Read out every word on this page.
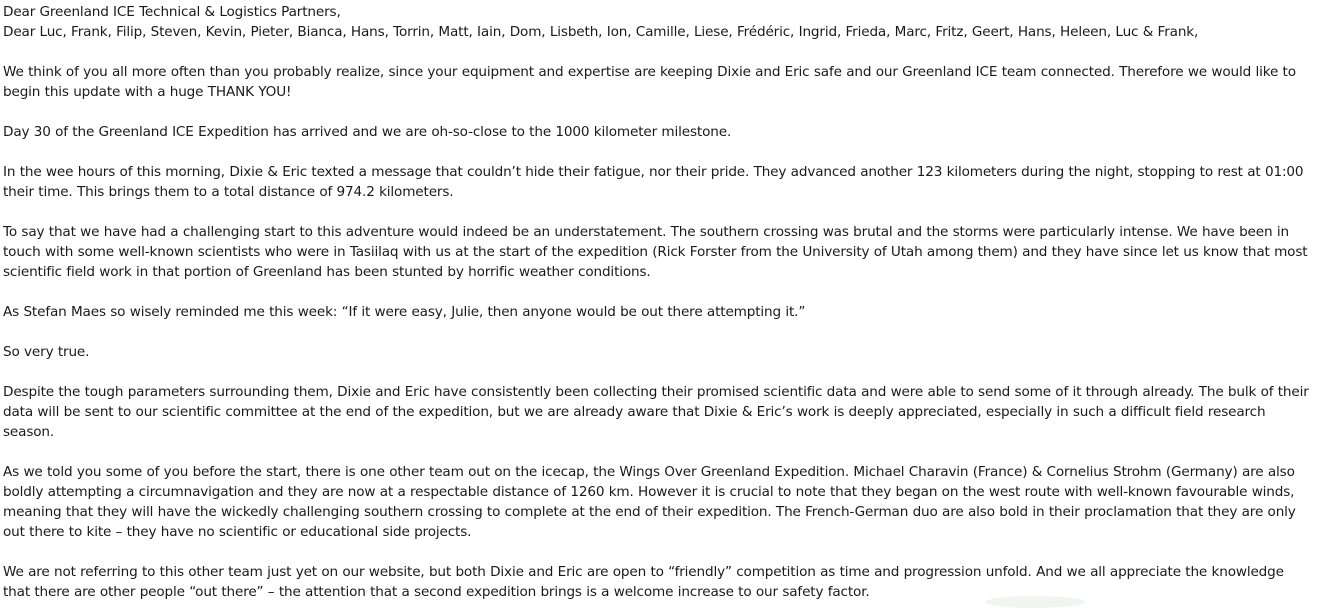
Dear Greenland ICE Technical & Logistics Partners,
Dear Luc, Frank, Filip, Steven, Kevin, Pieter, Bianca, Hans, Torrin, Matt, Iain, Dom, Lisbeth, Ion, Camille, Liese, Frédéric, Ingrid, Frieda, Marc, Fritz, Geert, Hans, Heleen, Luc & Frank,

We think of you all more often than you probably realize, since your equipment and expertise are keeping Dixie and Eric safe and our Greenland ICE team connected. Therefore we would like to begin this update with a huge THANK YOU!

Day 30 of the Greenland ICE Expedition has arrived and we are oh-so-close to the 1000 kilometer milestone.

In the wee hours of this morning, Dixie & Eric texted a message that couldn’t hide their fatigue, nor their pride. They advanced another 123 kilometers during the night, stopping to rest at 01:00 their time. This brings them to a total distance of 974.2 kilometers.

To say that we have had a challenging start to this adventure would indeed be an understatement. The southern crossing was brutal and the storms were particularly intense. We have been in touch with some well-known scientists who were in Tasiilaq with us at the start of the expedition (Rick Forster from the University of Utah among them) and they have since let us know that most scientific field work in that portion of Greenland has been stunted by horrific weather conditions.

As Stefan Maes so wisely reminded me this week: “If it were easy, Julie, then anyone would be out there attempting it.”

So very true.

Despite the tough parameters surrounding them, Dixie and Eric have consistently been collecting their promised scientific data and were able to send some of it through already. The bulk of their data will be sent to our scientific committee at the end of the expedition, but we are already aware that Dixie & Eric’s work is deeply appreciated, especially in such a difficult field research season.

As we told you some of you before the start, there is one other team out on the icecap, the Wings Over Greenland Expedition. Michael Charavin (France) & Cornelius Strohm (Germany) are also boldly attempting a circumnavigation and they are now at a respectable distance of 1260 km. However it is crucial to note that they began on the west route with well-known favourable winds, meaning that they will have the wickedly challenging southern crossing to complete at the end of their expedition. The French-German duo are also bold in their proclamation that they are only out there to kite – they have no scientific or educational side projects.

We are not referring to this other team just yet on our website, but both Dixie and Eric are open to “friendly” competition as time and progression unfold. And we all appreciate the knowledge that there are other people “out there” – the attention that a second expedition brings is a welcome increase to our safety factor.
